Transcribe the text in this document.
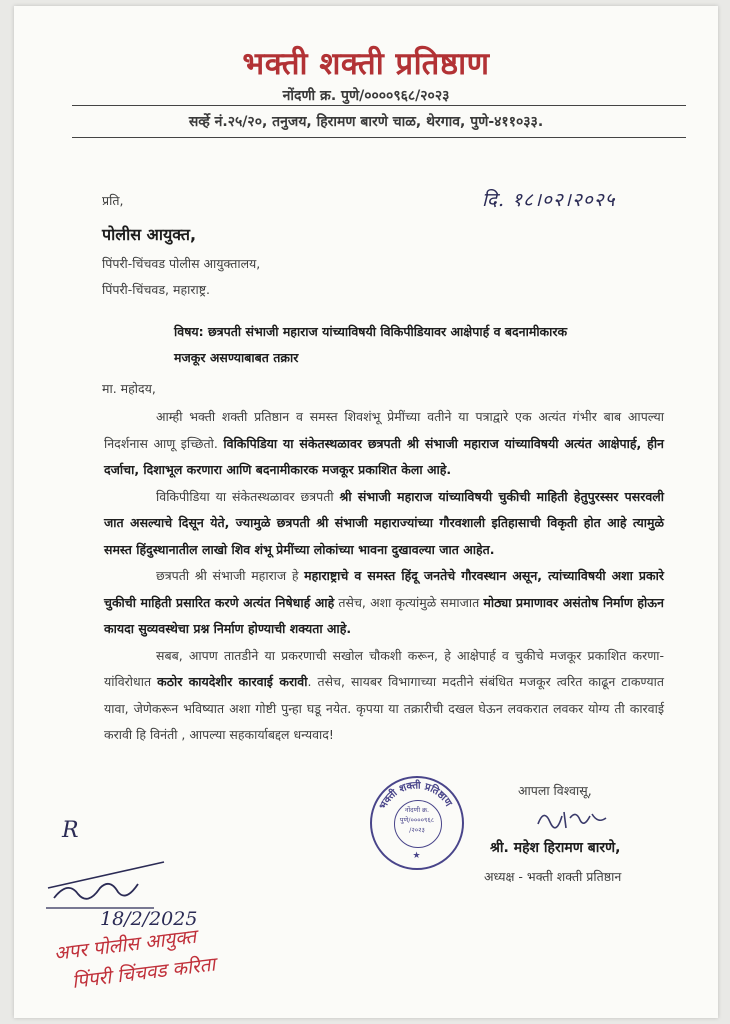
भक्ती शक्ती प्रतिष्ठाण
नोंदणी क्र. पुणे/००००९६८/२०२३
सर्व्हे नं.२५/२०, तनुजय, हिरामण बारणे चाळ, थेरगाव, पुणे-४११०३३.
प्रति,	दि. १८।०२।२०२५
पोलीस आयुक्त,
पिंपरी-चिंचवड पोलीस आयुक्तालय,
पिंपरी-चिंचवड, महाराष्ट्र.
विषय: छत्रपती संभाजी महाराज यांच्याविषयी विकिपीडियावर आक्षेपार्ह व बदनामीकारक
मजकूर असण्याबाबत तक्रार
मा. महोदय,

आम्ही भक्ती शक्ती प्रतिष्ठान व समस्त शिवशंभू प्रेमींच्या वतीने या पत्राद्वारे एक अत्यंत गंभीर बाब आपल्या निदर्शनास आणू इच्छितो. विकिपिडिया या संकेतस्थळावर छत्रपती श्री संभाजी महाराज यांच्याविषयी अत्यंत आक्षेपार्ह, हीन दर्जाचा, दिशाभूल करणारा आणि बदनामीकारक मजकूर प्रकाशित केला आहे.

विकिपीडिया या संकेतस्थळावर छत्रपती श्री संभाजी महाराज यांच्याविषयी चुकीची माहिती हेतुपुरस्सर पसरवली जात असल्याचे दिसून येते, ज्यामुळे छत्रपती श्री संभाजी महाराज्यांच्या गौरवशाली इतिहासाची विकृती होत आहे त्यामुळे समस्त हिंदुस्थानातील लाखो शिव शंभू प्रेमींच्या लोकांच्या भावना दुखावल्या जात आहेत.

छत्रपती श्री संभाजी महाराज हे महाराष्ट्राचे व समस्त हिंदू जनतेचे गौरवस्थान असून, त्यांच्याविषयी अशा प्रकारे चुकीची माहिती प्रसारित करणे अत्यंत निषेधार्ह आहे तसेच, अशा कृत्यांमुळे समाजात मोठ्या प्रमाणावर असंतोष निर्माण होऊन कायदा सुव्यवस्थेचा प्रश्न निर्माण होण्याची शक्यता आहे.

सबब, आपण तातडीने या प्रकरणाची सखोल चौकशी करून, हे आक्षेपार्ह व चुकीचे मजकूर प्रकाशित करणा-यांविरोधात कठोर कायदेशीर कारवाई करावी. तसेच, सायबर विभागाच्या मदतीने संबंधित मजकूर त्वरित काढून टाकण्यात यावा, जेणेकरून भविष्यात अशा गोष्टी पुन्हा घडू नयेत. कृपया या तक्रारीची दखल घेऊन लवकरात लवकर योग्य ती कारवाई करावी हि विनंती , आपल्या सहकार्याबद्दल धन्यवाद!

भक्ती शक्ती प्रतिष्ठाण
★
नोंदणी क्र.
पुणे/००००९६८
/२०२३
आपला विश्वासू,
श्री. महेश हिरामण बारणे,
अध्यक्ष - भक्ती शक्ती प्रतिष्ठान
R
18/2/2025
अपर पोलीस आयुक्त
पिंपरी चिंचवड करिता
